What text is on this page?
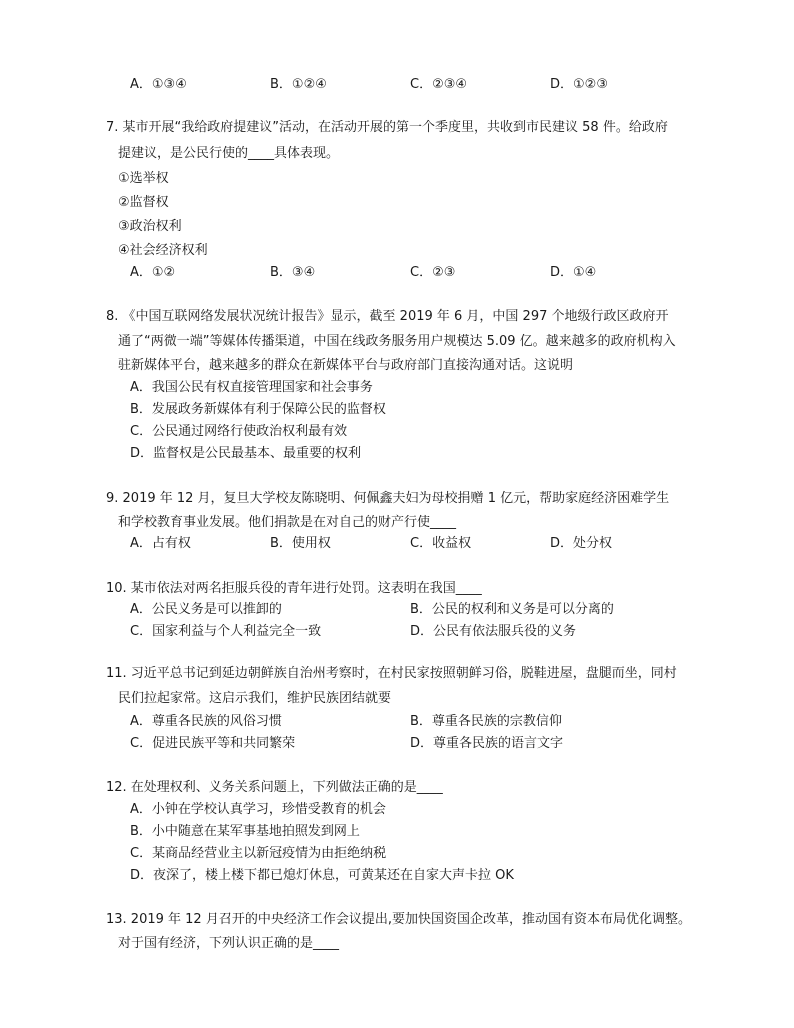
A．①③④	B．①②④	C．②③④	D．①②③
7. 某市开展“我给政府提建议”活动，在活动开展的第一个季度里，共收到市民建议 58 件。给政府
提建议，是公民行使的____具体表现。
①选举权
②监督权
③政治权利
④社会经济权利
A．①②	B．③④	C．②③	D．①④
8. 《中国互联网络发展状况统计报告》显示，截至 2019 年 6 月，中国 297 个地级行政区政府开
通了“两微一端”等媒体传播渠道，中国在线政务服务用户规模达 5.09 亿。越来越多的政府机构入
驻新媒体平台，越来越多的群众在新媒体平台与政府部门直接沟通对话。这说明
A．我国公民有权直接管理国家和社会事务
B．发展政务新媒体有利于保障公民的监督权
C．公民通过网络行使政治权利最有效
D．监督权是公民最基本、最重要的权利
9. 2019 年 12 月，复旦大学校友陈晓明、何佩鑫夫妇为母校捐赠 1 亿元，帮助家庭经济困难学生
和学校教育事业发展。他们捐款是在对自己的财产行使____
A．占有权	B．使用权	C．收益权	D．处分权
10. 某市依法对两名拒服兵役的青年进行处罚。这表明在我国____
A．公民义务是可以推卸的	B．公民的权利和义务是可以分离的
C．国家利益与个人利益完全一致	D．公民有依法服兵役的义务
11. 习近平总书记到延边朝鲜族自治州考察时，在村民家按照朝鲜习俗，脱鞋进屋，盘腿而坐，同村
民们拉起家常。这启示我们，维护民族团结就要
A．尊重各民族的风俗习惯	B．尊重各民族的宗教信仰
C．促进民族平等和共同繁荣	D．尊重各民族的语言文字
12. 在处理权利、义务关系问题上，下列做法正确的是____
A．小钟在学校认真学习，珍惜受教育的机会
B．小中随意在某军事基地拍照发到网上
C．某商品经营业主以新冠疫情为由拒绝纳税
D．夜深了，楼上楼下都已熄灯休息，可黄某还在自家大声卡拉 OK
13. 2019 年 12 月召开的中央经济工作会议提出,要加快国资国企改革，推动国有资本布局优化调整。
对于国有经济，下列认识正确的是____
